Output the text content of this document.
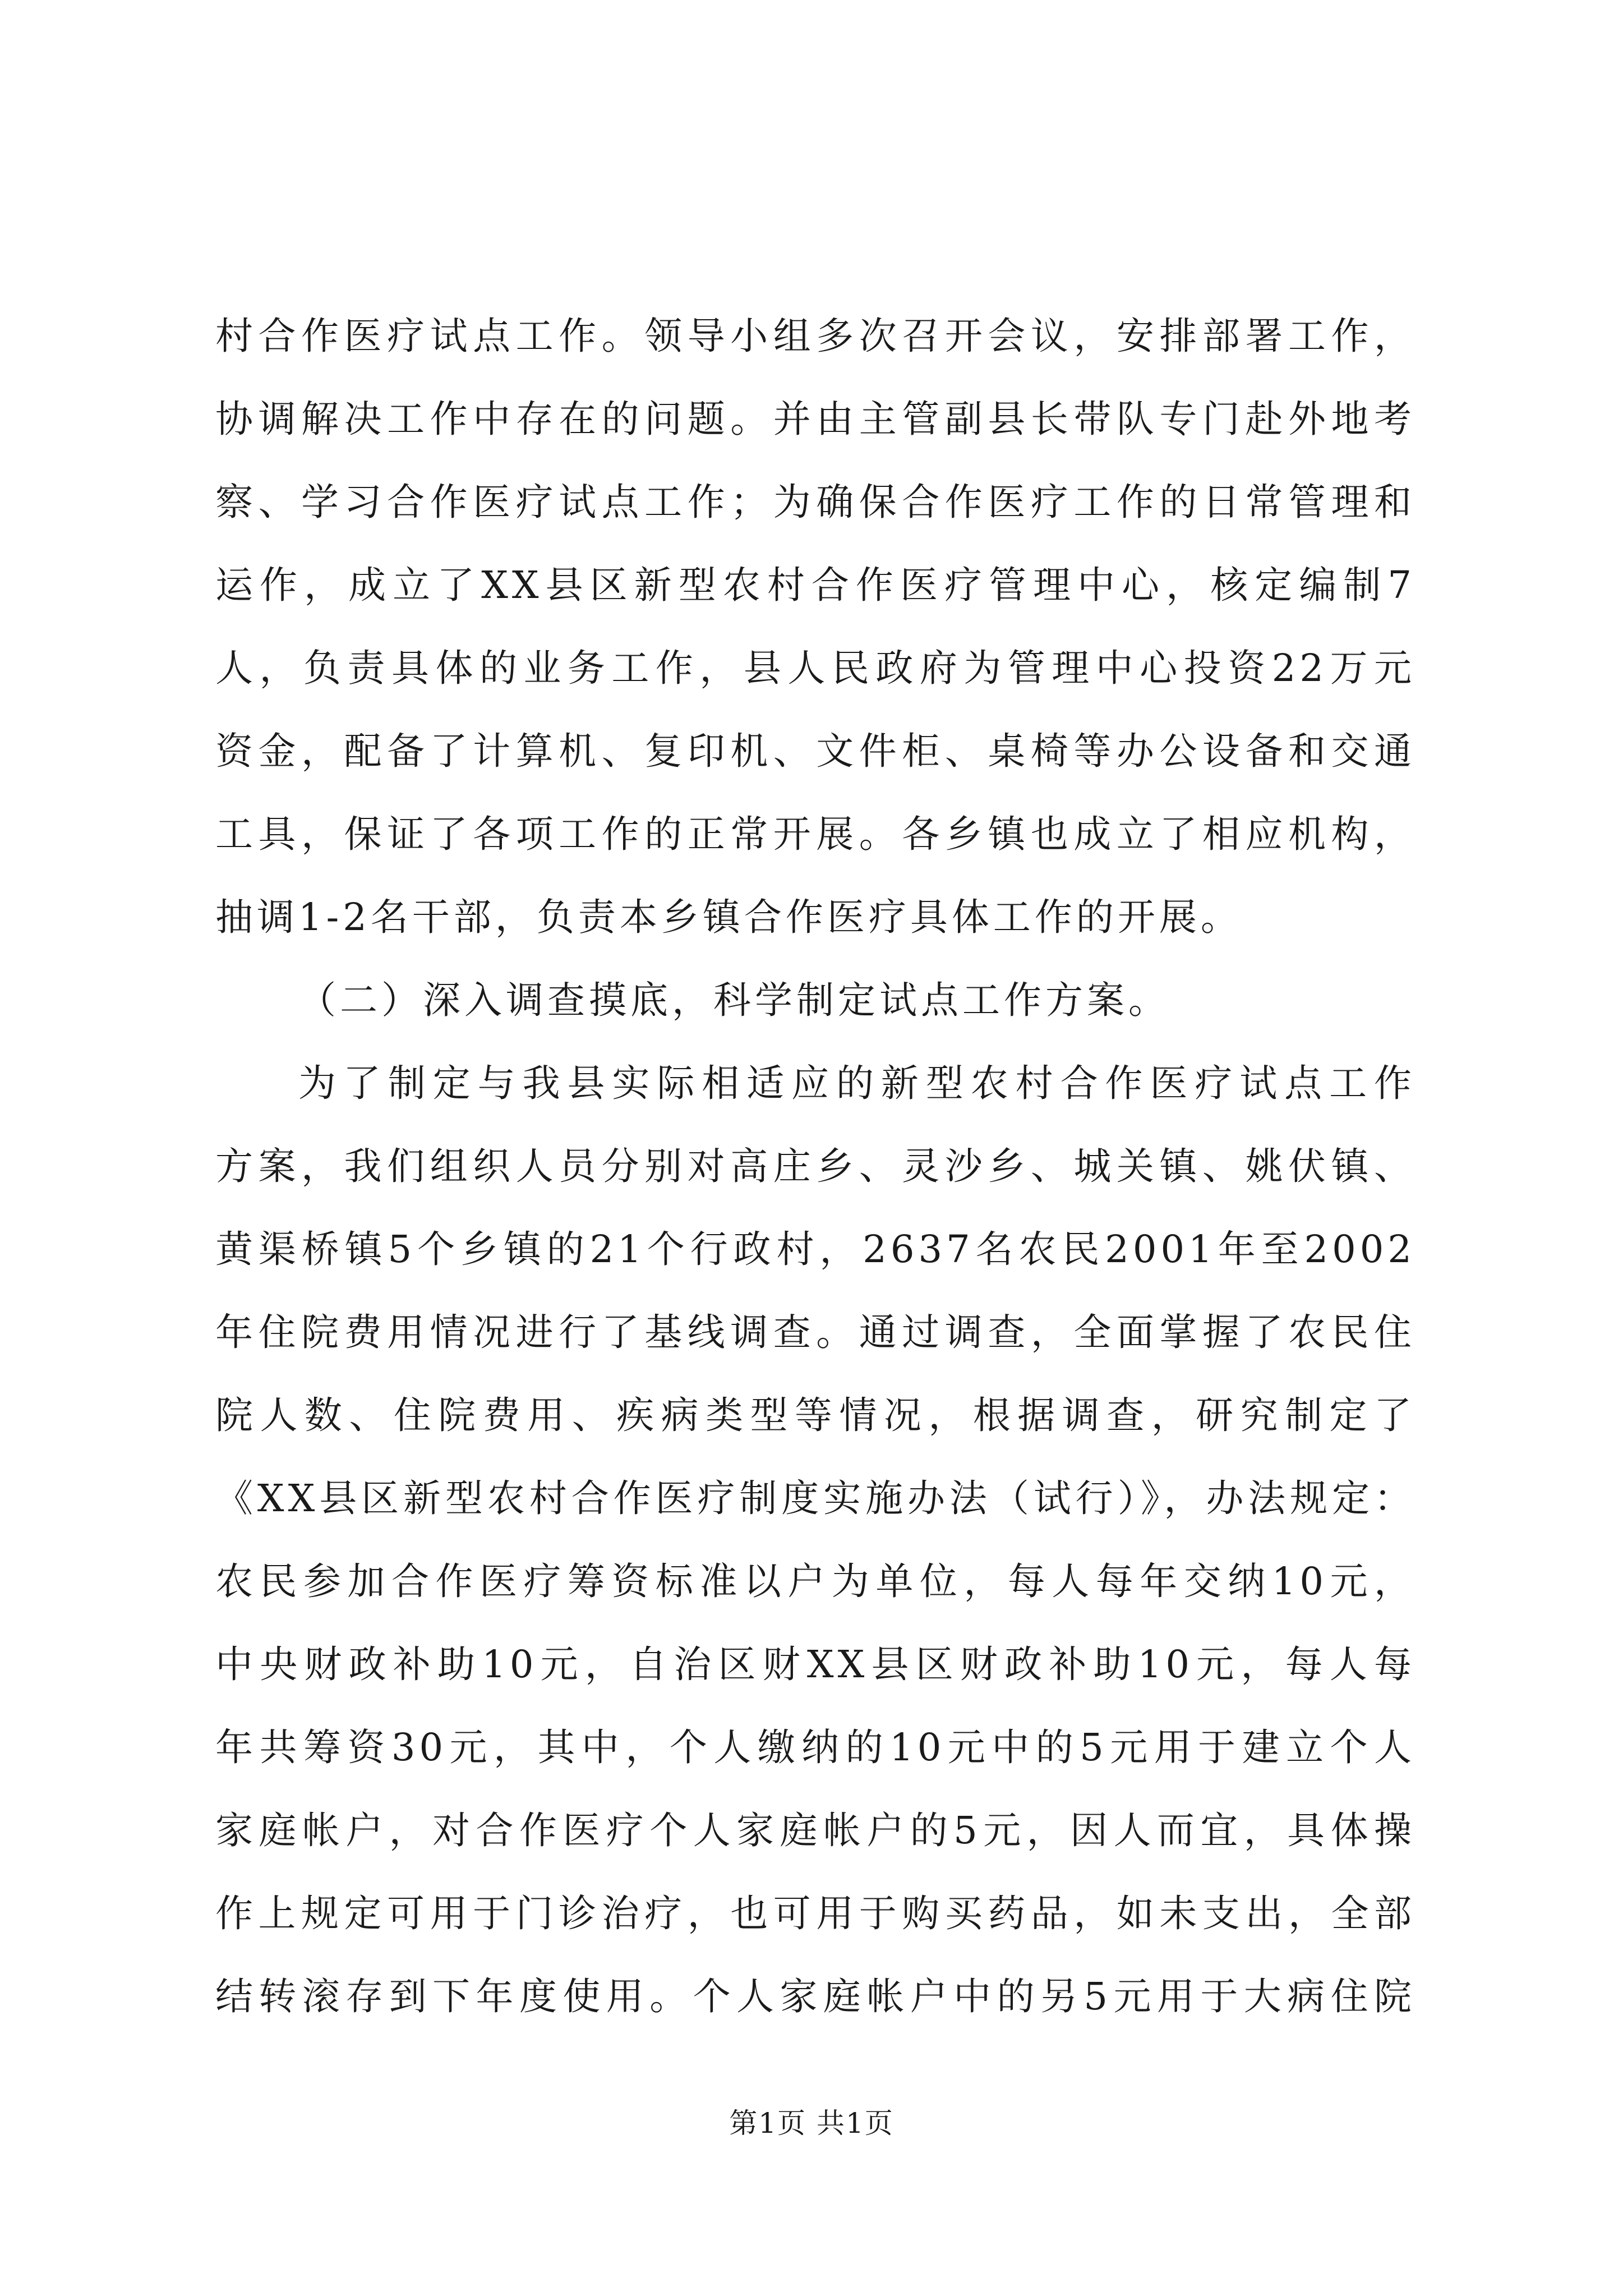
村合作医疗试点工作。领导小组多次召开会议，安排部署工作，
协调解决工作中存在的问题。并由主管副县长带队专门赴外地考
察、学习合作医疗试点工作；为确保合作医疗工作的日常管理和
运作，成立了XX县区新型农村合作医疗管理中心，核定编制7
人，负责具体的业务工作，县人民政府为管理中心投资22万元
资金，配备了计算机、复印机、文件柜、桌椅等办公设备和交通
工具，保证了各项工作的正常开展。各乡镇也成立了相应机构，
抽调1-2名干部，负责本乡镇合作医疗具体工作的开展。
（二）深入调查摸底，科学制定试点工作方案。
为了制定与我县实际相适应的新型农村合作医疗试点工作
方案，我们组织人员分别对高庄乡、灵沙乡、城关镇、姚伏镇、
黄渠桥镇5个乡镇的21个行政村，2637名农民2001年至2002
年住院费用情况进行了基线调查。通过调查，全面掌握了农民住
院人数、住院费用、疾病类型等情况，根据调查，研究制定了
《XX县区新型农村合作医疗制度实施办法（试行）》，办法规定：
农民参加合作医疗筹资标准以户为单位，每人每年交纳10元，
中央财政补助10元，自治区财XX县区财政补助10元，每人每
年共筹资30元，其中，个人缴纳的10元中的5元用于建立个人
家庭帐户，对合作医疗个人家庭帐户的5元，因人而宜，具体操
作上规定可用于门诊治疗，也可用于购买药品，如未支出，全部
结转滚存到下年度使用。个人家庭帐户中的另5元用于大病住院
第1页 共1页
